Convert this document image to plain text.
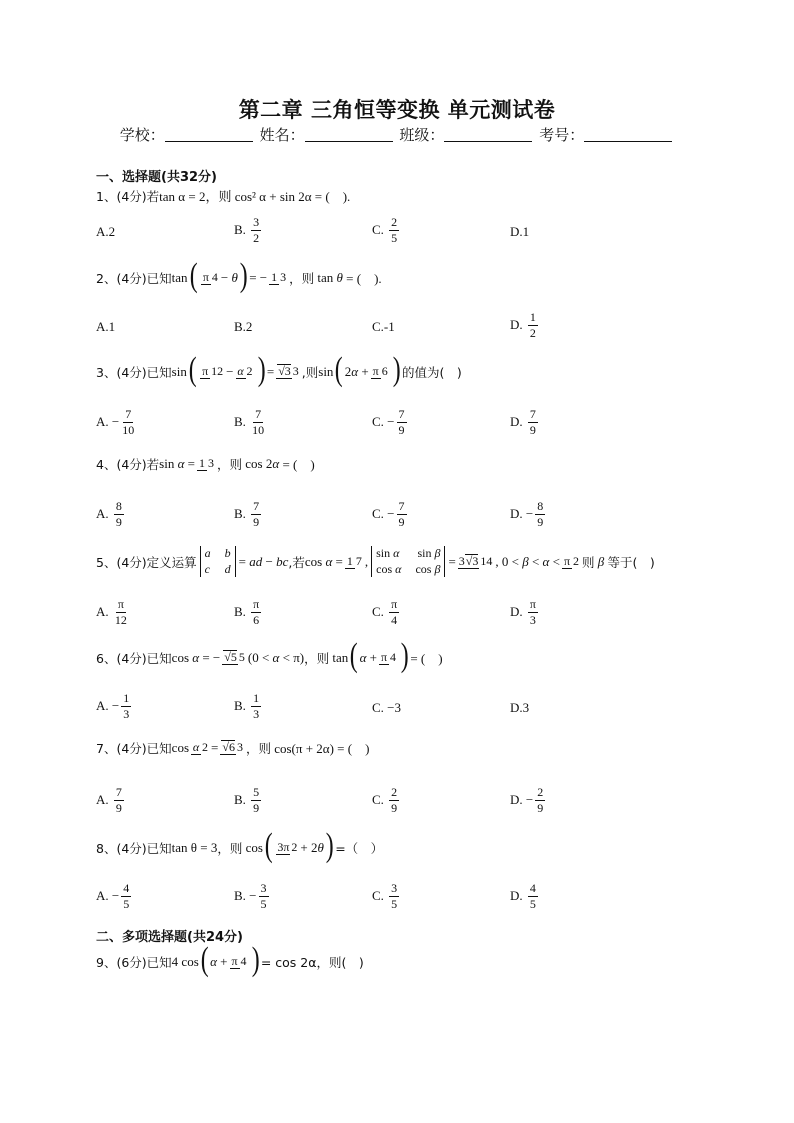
第二章 三角恒等变换 单元测试卷
学校：	姓名：	班级：	考号：
一、选择题(共32分)
1、(4分)若 tan α = 2，则 cos² α + sin 2α = (　).
A.2	B. $\frac{3}{2}$	C. $\frac{2}{5}$	D.1
2、(4分)已知 tan ( π 4 − θ ) = − 1 3 ，则 tan θ = (　).
A.1	B.2	C.-1	D. $\frac{1}{2}$
3、(4分)已知 sin ( π 12 − α 2 ) = √3 3 ,则 sin ( 2α + π 6 ) 的值为(　)
A. − $\frac{7}{10}$	B. $\frac{7}{10}$	C. − $\frac{7}{9}$	D. $\frac{7}{9}$
4、(4分)若 sin α = 1 3 ，则 cos 2α = (　)
A. $\frac{8}{9}$	B. $\frac{7}{9}$	C. − $\frac{7}{9}$	D. − $\frac{8}{9}$
5、(4分)定义运算
a b
c d = ad − bc ,若 cos α = 1 7 ,
sin α sin β
cos α cos β = 3√3 14 , 0 < β < α < π 2 则 β 等于(　)
A. $\frac{\pi}{12}$	B. $\frac{\pi}{6}$	C. $\frac{\pi}{4}$	D. $\frac{\pi}{3}$
6、(4分)已知 cos α = − √5 5 (0 < α < π) ，则 tan ( α + π 4 ) = (　)
A. − $\frac{1}{3}$	B. $\frac{1}{3}$	C. −3	D.3
7、(4分)已知 cos α 2 = √6 3 ，则
cos(π + 2α) = (　)
A. $\frac{7}{9}$	B. $\frac{5}{9}$	C. $\frac{2}{9}$	D. − $\frac{2}{9}$
8、(4分)已知 tan θ = 3 ，则 cos ( 3π 2 + 2θ ) =（　）
A. − $\frac{4}{5}$	B. − $\frac{3}{5}$	C. $\frac{3}{5}$	D. $\frac{4}{5}$
二、多项选择题(共24分)
9、(6分)已知 4 cos ( α + π 4 ) = cos 2α，则(　)
